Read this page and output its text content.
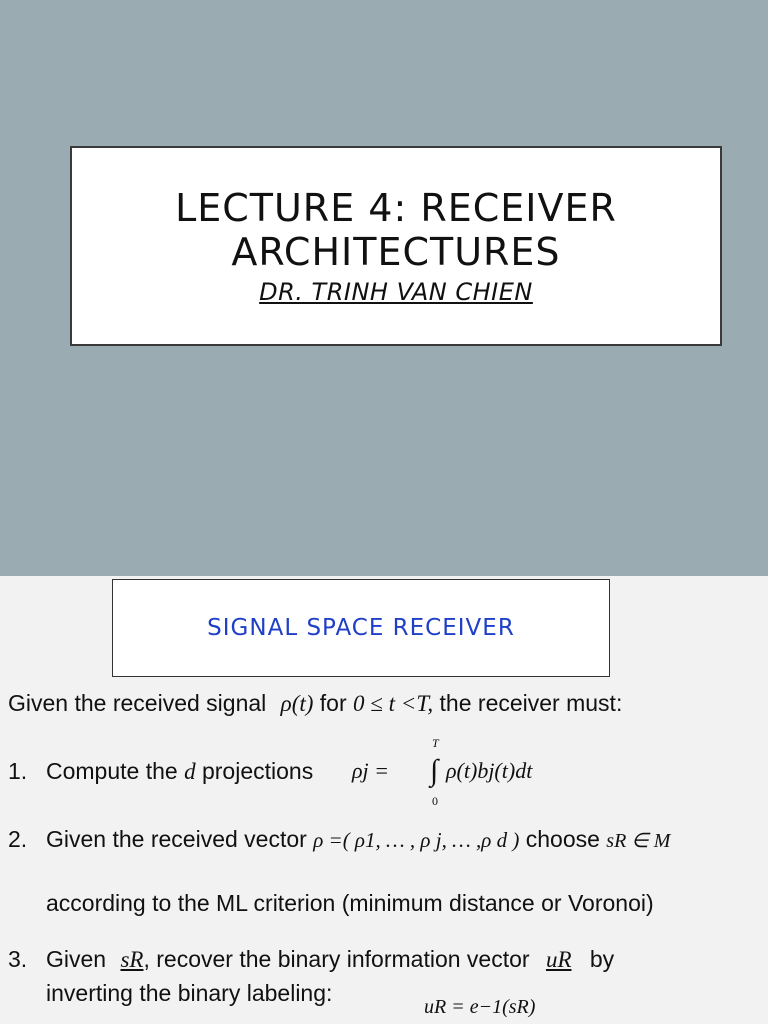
LECTURE 4: RECEIVER
ARCHITECTURES
DR. TRINH VAN CHIEN
SIGNAL SPACE RECEIVER
Given the received signal ρ(t) for 0 ≤ t <T, the receiver must:
1. Compute the d projections ρj = ∫
T
0
ρ(t)bj(t)dt
2. Given the received vector ρ =( ρ1, … , ρ j, … ,ρ d ) choose sR ∈ M
according to the ML criterion (minimum distance or Voronoi)
3. Given sR, recover the binary information vector uR by
inverting the binary labeling:
uR = e−1(sR)
